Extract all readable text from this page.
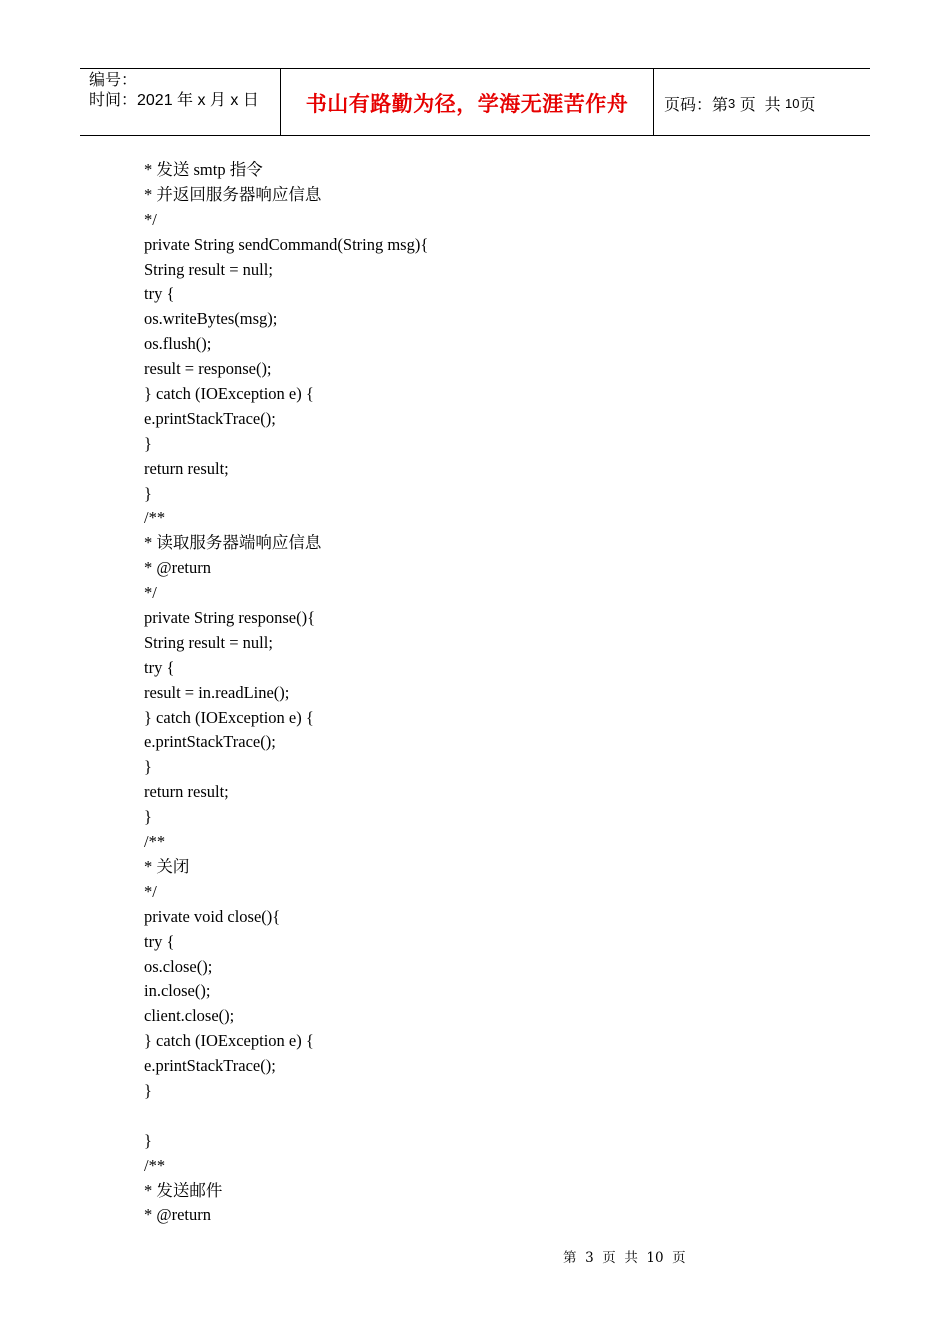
编号：
时间：2021 年 x 月 x 日	书山有路勤为径，学海无涯苦作舟 页码：第 3 页  共 10 页
* 发送 smtp 指令
* 并返回服务器响应信息
*/
private String sendCommand(String msg){
String result = null;
try {
os.writeBytes(msg);
os.flush();
result = response();
} catch (IOException e) {
e.printStackTrace();
}
return result;
}
/**
* 读取服务器端响应信息
* @return
*/
private String response(){
String result = null;
try {
result = in.readLine();
} catch (IOException e) {
e.printStackTrace();
}
return result;
}
/**
* 关闭
*/
private void close(){
try {
os.close();
in.close();
client.close();
} catch (IOException e) {
e.printStackTrace();
}
}
/**
* 发送邮件
* @return
第  3  页  共  10  页
